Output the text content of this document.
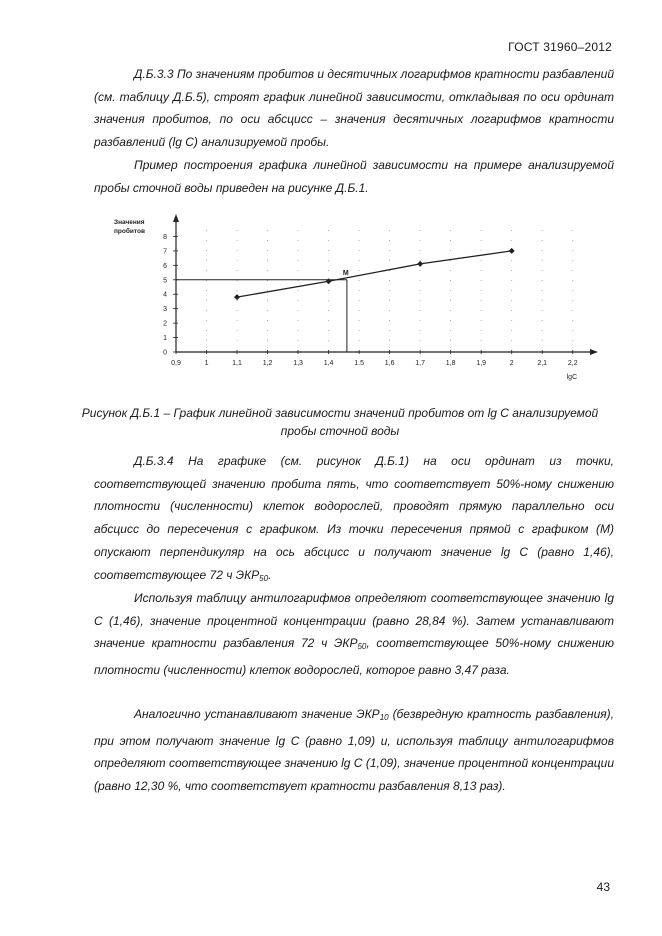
ГОСТ 31960–2012

Д.Б.3.3 По значениям пробитов и десятичных логарифмов кратности разбавлений (см. таблицу Д.Б.5), строят график линейной зависимости, откладывая по оси ординат значения пробитов, по оси абсцисс – значения десятичных логарифмов кратности разбавлений (lg C) анализируемой пробы.

Пример построения графика линейной зависимости на примере анализируемой пробы сточной воды приведен на рисунке Д.Б.1.

0
1
2
3
4
5
6
7
8
0,9	1	1,1	1,2	1,3	1,4	1.5	1,6	1,7	1,8	1,9	2	2,1	2,2
Значения пробитов
lgC
M

Рисунок Д.Б.1 – График линейной зависимости значений пробитов от lg C анализируемой пробы сточной воды

Д.Б.3.4 На графике (см. рисунок Д.Б.1) на оси ординат из точки, соответствующей значению пробита пять, что соответствует 50%-ному снижению плотности (численности) клеток водорослей, проводят прямую параллельно оси абсцисс до пересечения с графиком. Из точки пересечения прямой с графиком (М) опускают перпендикуляр на ось абсцисс и получают значение lg C (равно 1,46), соответствующее 72 ч $ЭКР_{50}$.

Используя таблицу антилогарифмов определяют соответствующее значению lg C (1,46), значение процентной концентрации (равно 28,84 %). Затем устанавливают значение кратности разбавления 72 ч $ЭКР_{50}$, соответствующее 50%-ному снижению плотности (численности) клеток водорослей, которое равно 3,47 раза.

Аналогично устанавливают значение $ЭКР_{10}$ (безвредную кратность разбавления), при этом получают значение lg C (равно 1,09) и, используя таблицу антилогарифмов определяют соответствующее значению lg C (1,09), значение процентной концентрации (равно 12,30 %, что соответствует кратности разбавления 8,13 раз).

43
